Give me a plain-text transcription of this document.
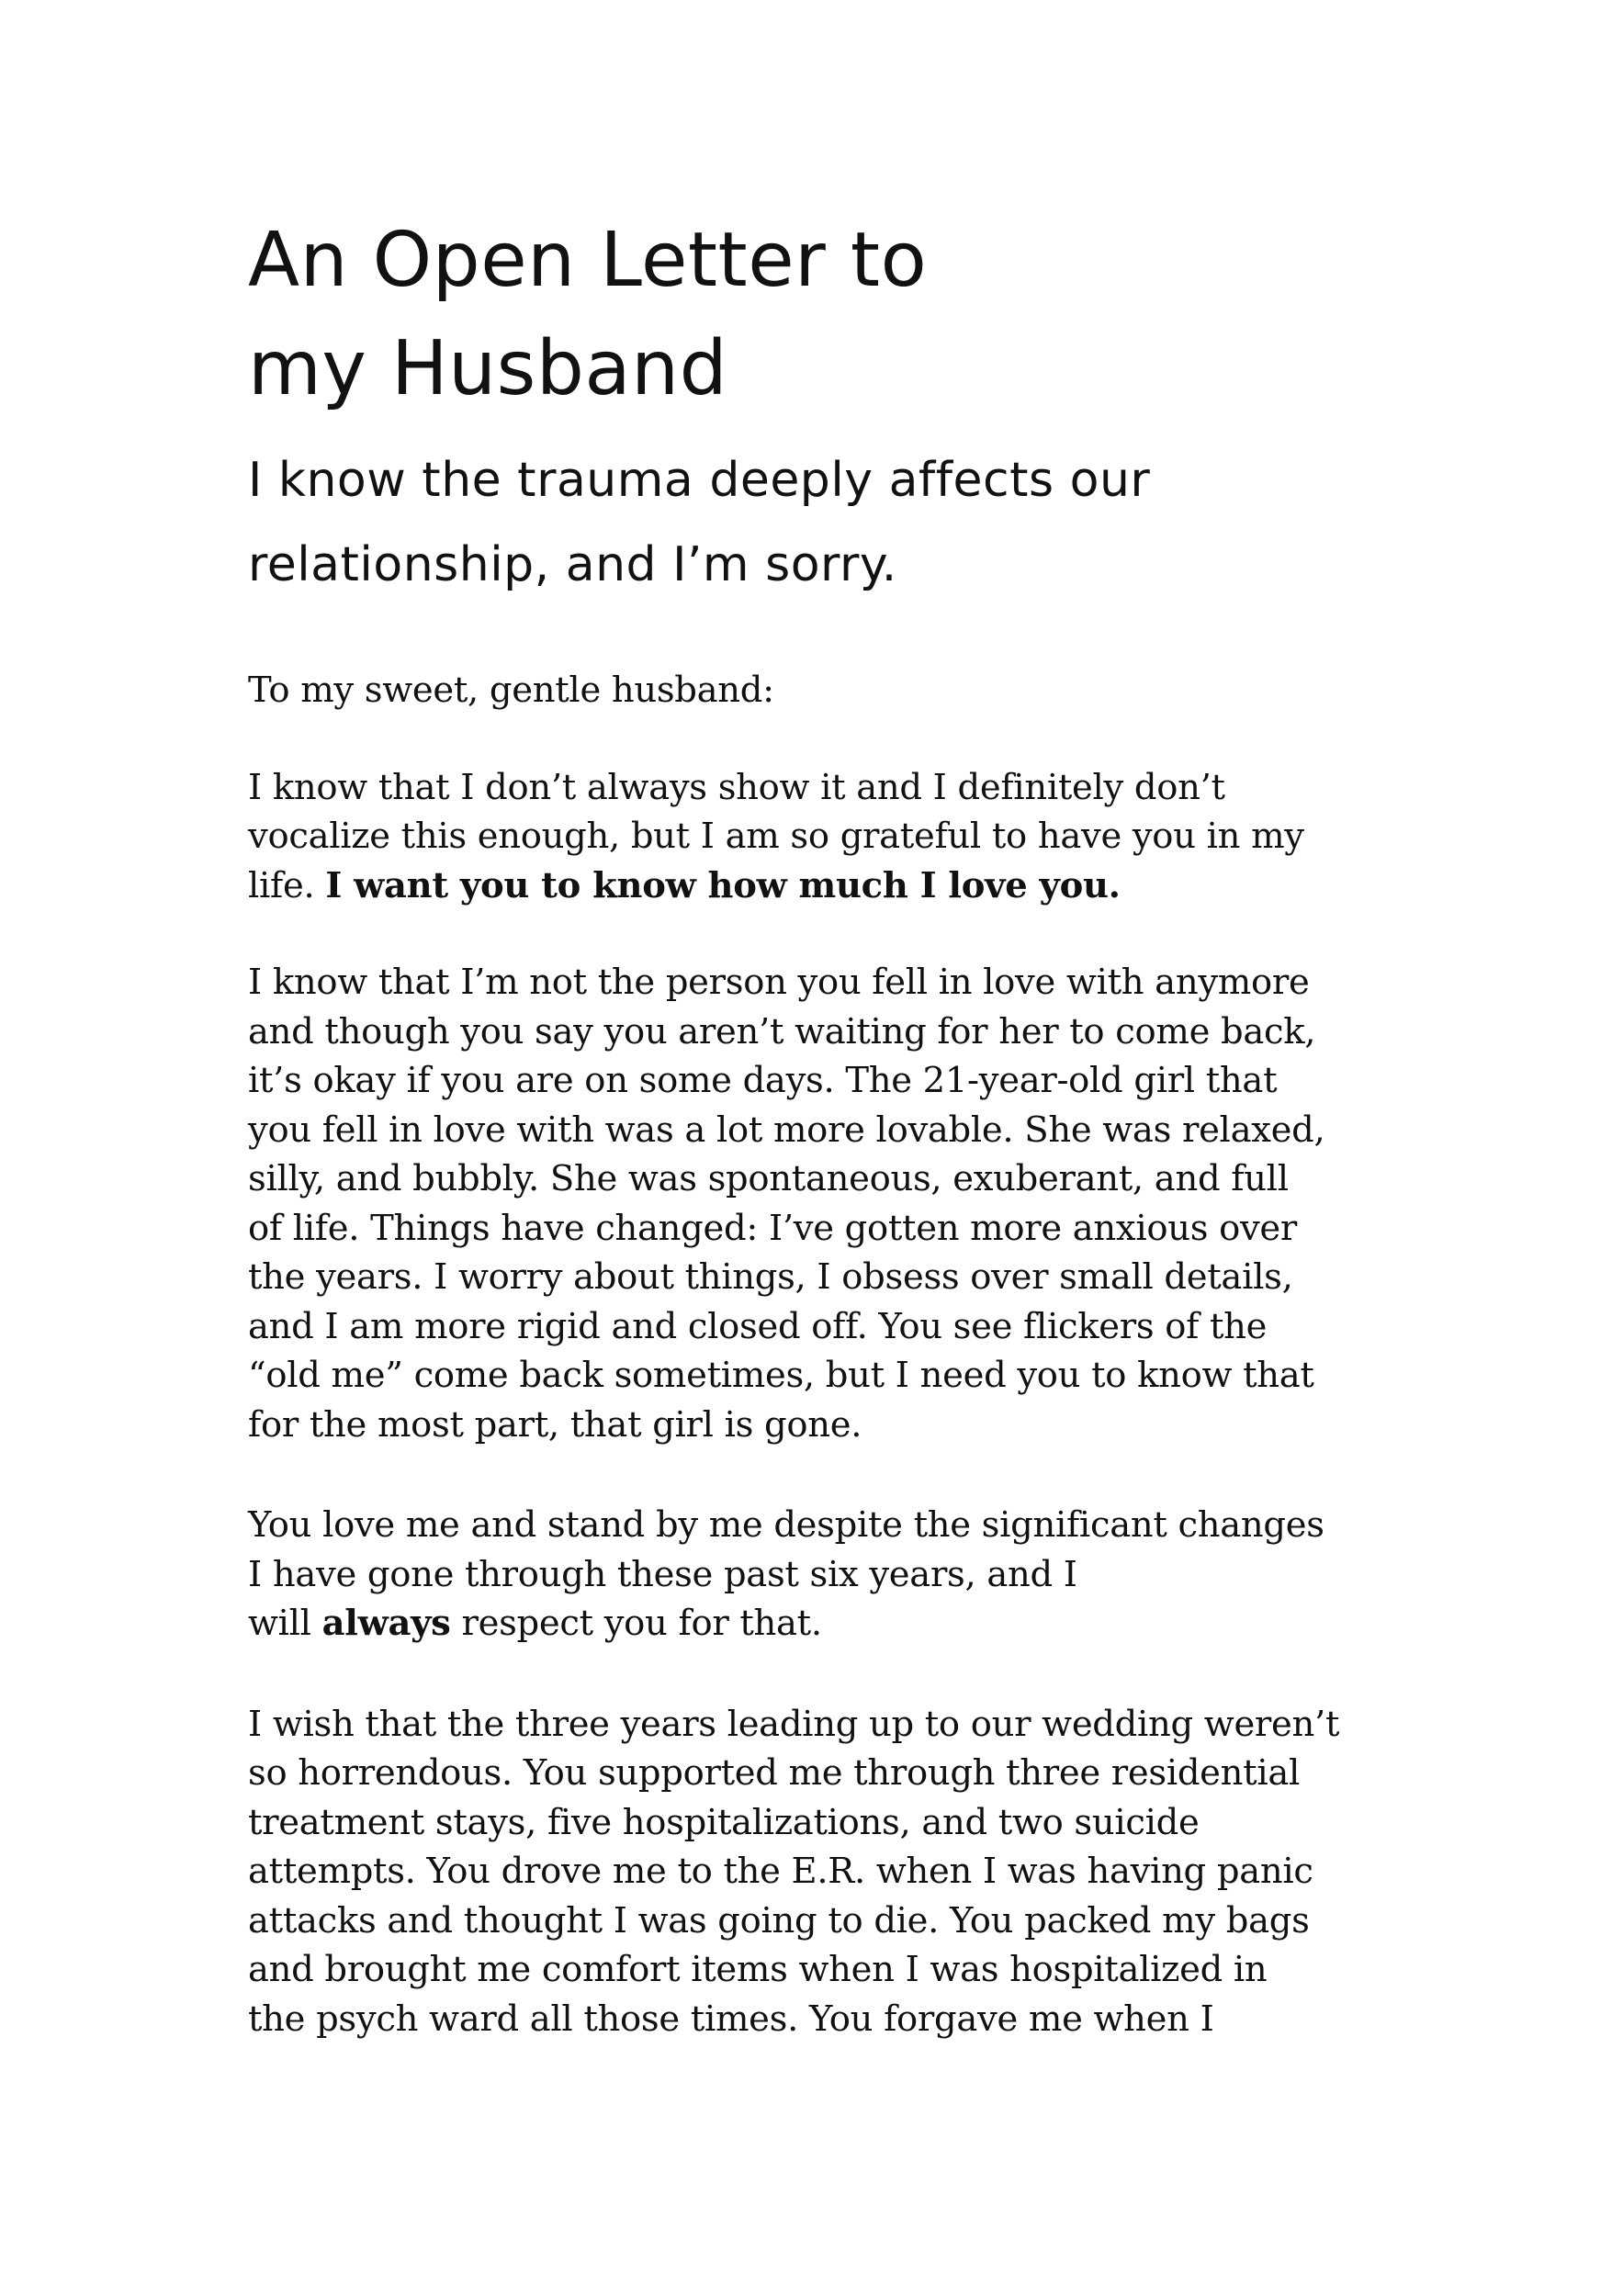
An Open Letter to
my Husband
I know the trauma deeply affects our
relationship, and I’m sorry.

To my sweet, gentle husband:

I know that I don’t always show it and I definitely don’t
vocalize this enough, but I am so grateful to have you in my
life. I want you to know how much I love you.

I know that I’m not the person you fell in love with anymore
and though you say you aren’t waiting for her to come back,
it’s okay if you are on some days. The 21-year-old girl that
you fell in love with was a lot more lovable. She was relaxed,
silly, and bubbly. She was spontaneous, exuberant, and full
of life. Things have changed: I’ve gotten more anxious over
the years. I worry about things, I obsess over small details,
and I am more rigid and closed off. You see flickers of the
“old me” come back sometimes, but I need you to know that
for the most part, that girl is gone.

You love me and stand by me despite the significant changes
I have gone through these past six years, and I
will always respect you for that.

I wish that the three years leading up to our wedding weren’t
so horrendous. You supported me through three residential
treatment stays, five hospitalizations, and two suicide
attempts. You drove me to the E.R. when I was having panic
attacks and thought I was going to die. You packed my bags
and brought me comfort items when I was hospitalized in
the psych ward all those times. You forgave me when I
